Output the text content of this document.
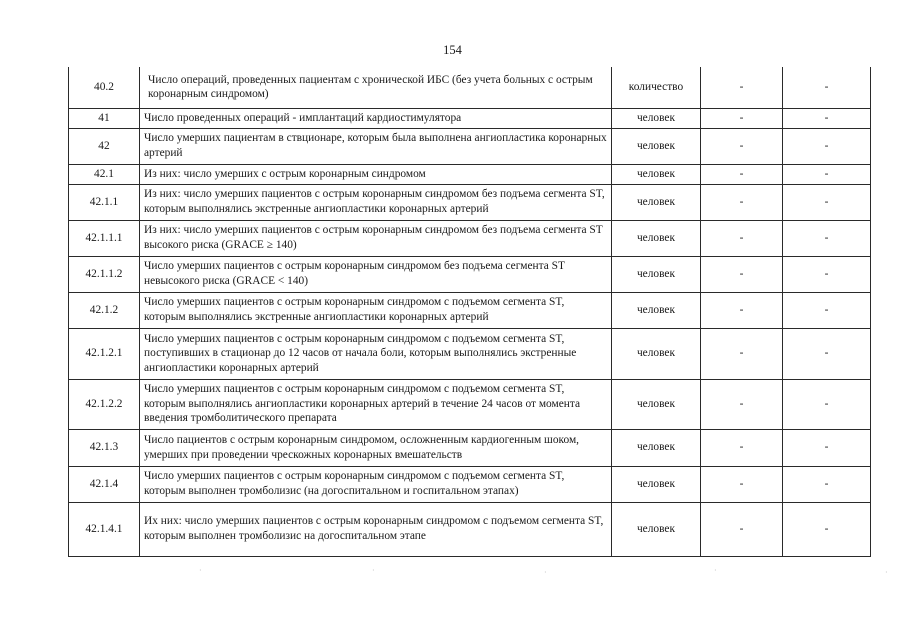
154
40.2	Число операций, проведенных пациентам с хронической ИБС (без учета больных с острым коронарным синдромом)	количество	-	-	
41	Число проведенных операций - имплантаций кардиостимулятора	человек	-	-	
42	Число умерших пациентам в ствционаре, которым была выполнена ангиопластика коронарных артерий	человек	-	-	
42.1	Из них: число умерших с острым коронарным синдромом	человек	-	-	
42.1.1	Из них: число умерших пациентов с острым коронарным синдромом без подъема сегмента ST, которым выполнялись экстренные ангиопластики коронарных артерий	человек	-	-	
42.1.1.1	Из них: число умерших пациентов с острым коронарным синдромом без подъема сегмента ST высокого риска (GRACE ≥ 140)	человек	-	-	
42.1.1.2	Число умерших пациентов с острым коронарным синдромом без подъема сегмента ST невысокого риска (GRACE < 140)	человек	-	-	
42.1.2	Число умерших пациентов с острым коронарным синдромом с подъемом сегмента ST, которым выполнялись экстренные ангиопластики коронарных артерий	человек	-	-	
42.1.2.1	Число умерших пациентов с острым коронарным синдромом с подъемом сегмента ST, поступивших в стационар до 12 часов от начала боли, которым выполнялись экстренные ангиопластики коронарных артерий	человек	-	-	
42.1.2.2	Число умерших пациентов с острым коронарным синдромом с подъемом сегмента ST, которым выполнялись ангиопластики коронарных артерий в течение 24 часов от момента введения тромболитического препарата	человек	-	-	
42.1.3	Число пациентов с острым коронарным синдромом, осложненным кардиогенным шоком, умерших при проведении чрескожных коронарных вмешательств	человек	-	-	
42.1.4	Число умерших пациентов с острым коронарным синдромом с подъемом сегмента ST, которым выполнен тромболизис (на догоспитальном и госпитальном этапах)	человек	-	-	
42.1.4.1	Их них: число умерших пациентов с острым коронарным синдромом с подъемом сегмента ST, которым выполнен тромболизис на догоспитальном этапе	человек	-	-	
·	·	·	·	·
